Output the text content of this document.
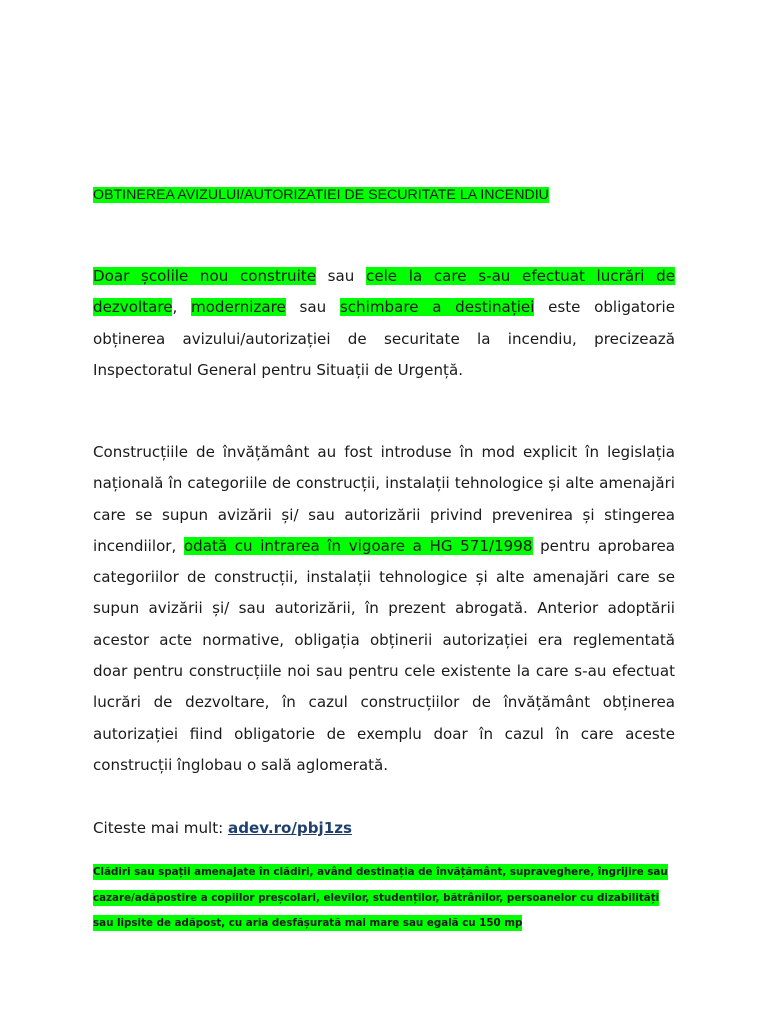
OBTINEREA AVIZULUI/AUTORIZATIEI DE SECURITATE LA INCENDIU

Doar școlile nou construite sau cele la care s-au efectuat lucrări de dezvoltare, modernizare sau schimbare a destinației este obligatorie obținerea avizului/autorizației de securitate la incendiu, precizează Inspectoratul General pentru Situații de Urgență.

Construcțiile de învățământ au fost introduse în mod explicit în legislația națională în categoriile de construcții, instalații tehnologice și alte amenajări care se supun avizării și/ sau autorizării privind prevenirea și stingerea incendiilor, odată cu intrarea în vigoare a HG 571/1998 pentru aprobarea categoriilor de construcții, instalații tehnologice și alte amenajări care se supun avizării și/ sau autorizării, în prezent abrogată. Anterior adoptării acestor acte normative, obligația obținerii autorizației era reglementată doar pentru construcțiile noi sau pentru cele existente la care s-au efectuat lucrări de dezvoltare, în cazul construcțiilor de învățământ obținerea autorizației fiind obligatorie de exemplu doar în cazul în care aceste construcții înglobau o sală aglomerată.

Citeste mai mult: adev.ro/pbj1zs

Clădiri sau spații amenajate în clădiri, având destinația de învățământ, supraveghere, îngrijire sau cazare/adăpostire a copiilor preșcolari, elevilor, studenților, bătrânilor, persoanelor cu dizabilități sau lipsite de adăpost, cu aria desfășurată mai mare sau egală cu 150 mp
